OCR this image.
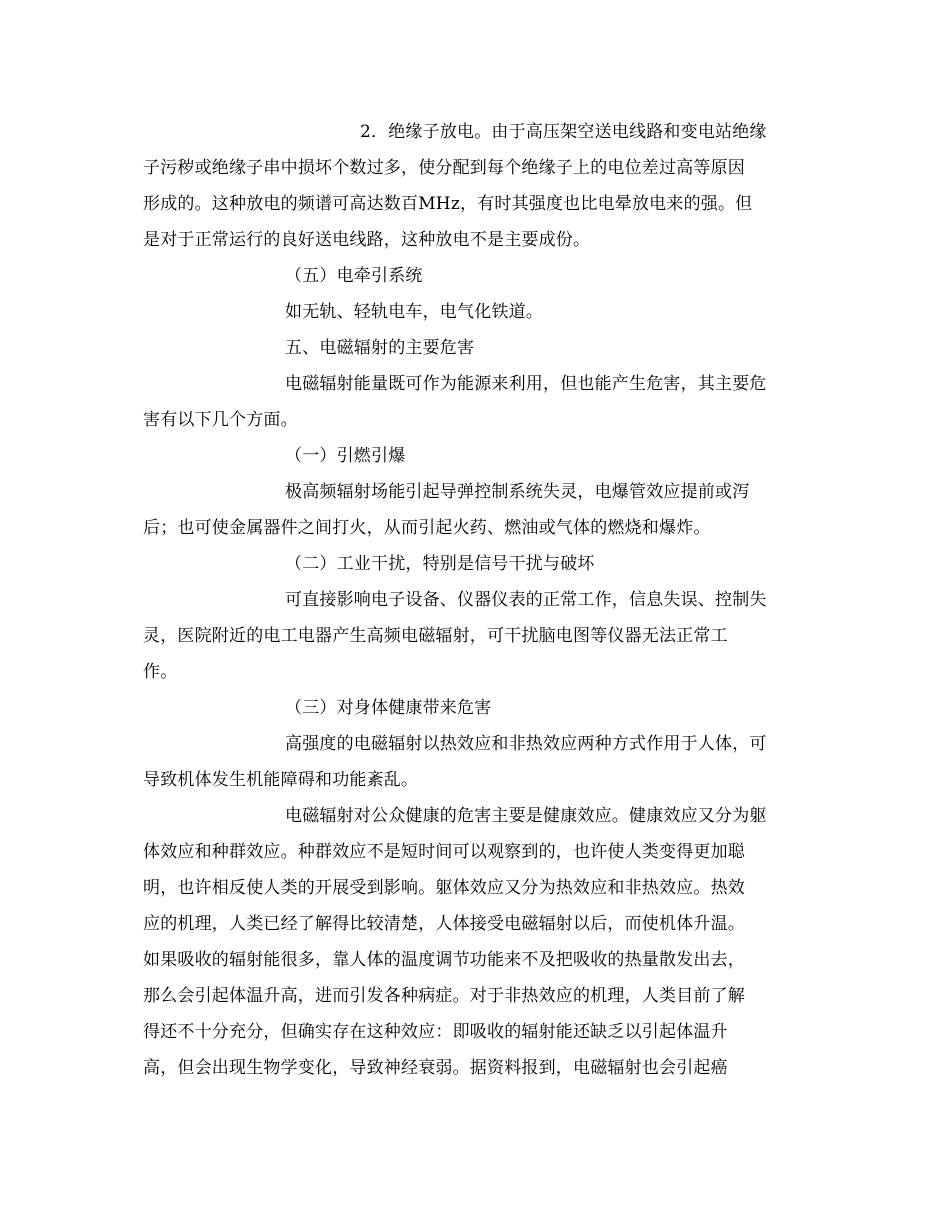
2．绝缘子放电。由于高压架空送电线路和变电站绝缘
子污秽或绝缘子串中损坏个数过多，使分配到每个绝缘子上的电位差过高等原因
形成的。这种放电的频谱可高达数百MHz，有时其强度也比电晕放电来的强。但
是对于正常运行的良好送电线路，这种放电不是主要成份。
（五）电牵引系统
如无轨、轻轨电车，电气化铁道。
五、电磁辐射的主要危害
电磁辐射能量既可作为能源来利用，但也能产生危害，其主要危
害有以下几个方面。
（一）引燃引爆
极高频辐射场能引起导弹控制系统失灵，电爆管效应提前或泻
后；也可使金属器件之间打火，从而引起火药、燃油或气体的燃烧和爆炸。
（二）工业干扰，特别是信号干扰与破坏
可直接影响电子设备、仪器仪表的正常工作，信息失误、控制失
灵，医院附近的电工电器产生高频电磁辐射，可干扰脑电图等仪器无法正常工
作。
（三）对身体健康带来危害
高强度的电磁辐射以热效应和非热效应两种方式作用于人体，可
导致机体发生机能障碍和功能紊乱。
电磁辐射对公众健康的危害主要是健康效应。健康效应又分为躯
体效应和种群效应。种群效应不是短时间可以观察到的，也许使人类变得更加聪
明，也许相反使人类的开展受到影响。躯体效应又分为热效应和非热效应。热效
应的机理，人类已经了解得比较清楚，人体接受电磁辐射以后，而使机体升温。
如果吸收的辐射能很多，靠人体的温度调节功能来不及把吸收的热量散发出去，
那么会引起体温升高，进而引发各种病症。对于非热效应的机理，人类目前了解
得还不十分充分，但确实存在这种效应：即吸收的辐射能还缺乏以引起体温升
高，但会出现生物学变化，导致神经衰弱。据资料报到，电磁辐射也会引起癌
